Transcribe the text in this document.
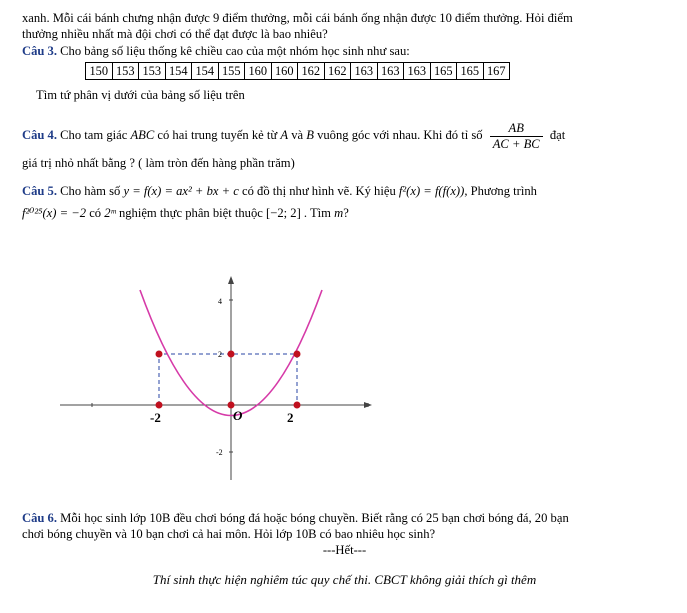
xanh. Mỗi cái bánh chưng nhận được 9 điểm thưởng, mỗi cái bánh ống nhận được 10 điểm thưởng. Hỏi điểm
thưởng nhiều nhất mà đội chơi có thể đạt được là bao nhiêu?
Câu 3. Cho bảng số liệu thống kê chiều cao của một nhóm học sinh như sau:
150	153	153	154	154	155	160	160	162	162	163	163	163	165	165	167
Tìm tứ phân vị dưới của bảng số liệu trên
Câu 4. Cho tam giác ABC có hai trung tuyến kẻ từ A và B vuông góc với nhau. Khi đó tỉ số $\frac{AB}{AC + BC}$ đạt
giá trị nhỏ nhất bằng ? ( làm tròn đến hàng phần trăm)
Câu 5. Cho hàm số y = f(x) = ax² + bx + c có đồ thị như hình vẽ. Ký hiệu f²(x) = f(f(x)), Phương trình
f²⁰²⁵(x) = −2 có 2ᵐ nghiệm thực phân biệt thuộc [−2; 2] . Tìm m?
4
2
-2
-2	O	2
Câu 6. Mỗi học sinh lớp 10B đều chơi bóng đá hoặc bóng chuyền. Biết rằng có 25 bạn chơi bóng đá, 20 bạn
chơi bóng chuyền và 10 bạn chơi cả hai môn. Hỏi lớp 10B có bao nhiêu học sinh?
---Hết---
Thí sinh thực hiện nghiêm túc quy chế thi. CBCT không giải thích gì thêm
